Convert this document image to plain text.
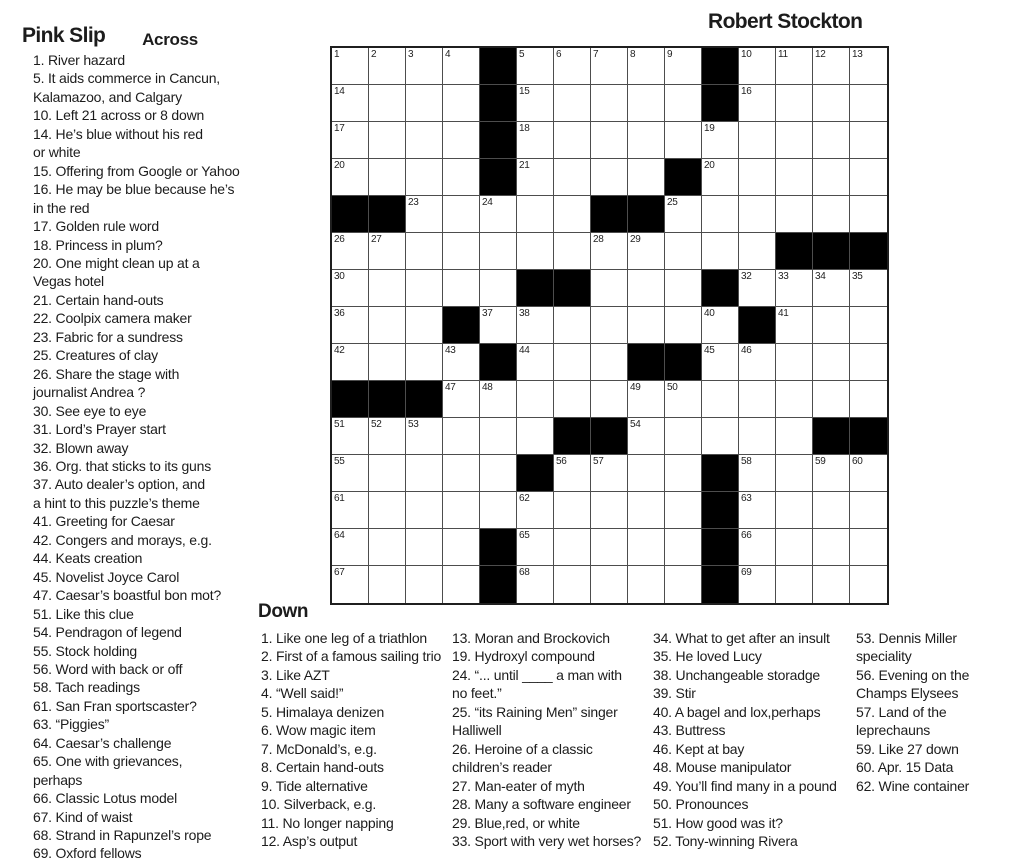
Pink Slip
Robert Stockton
Across
1. River hazard
5. It aids commerce in Cancun,
Kalamazoo, and Calgary
10. Left 21 across or 8 down
14. He’s blue without his red
or white
15. Offering from Google or Yahoo
16. He may be blue because he’s
in the red
17. Golden rule word
18. Princess in plum?
20. One might clean up at a
Vegas hotel
21. Certain hand-outs
22. Coolpix camera maker
23. Fabric for a sundress
25. Creatures of clay
26. Share the stage with
journalist Andrea ?
30. See eye to eye
31. Lord’s Prayer start
32. Blown away
36. Org. that sticks to its guns
37. Auto dealer’s option, and
a hint to this puzzle’s theme
41. Greeting for Caesar
42. Congers and morays, e.g.
44. Keats creation
45. Novelist Joyce Carol
47. Caesar’s boastful bon mot?
51. Like this clue
54. Pendragon of legend
55. Stock holding
56. Word with back or off
58. Tach readings
61. San Fran sportscaster?
63. “Piggies”
64. Caesar’s challenge
65. One with grievances,
perhaps
66. Classic Lotus model
67. Kind of waist
68. Strand in Rapunzel’s rope
69. Oxford fellows
1	2	3	4	5	6	7	8	9	10	11	12	13
14	15	16
17	18	19
20	21	20
23	24	25
26	27	28	29
30	32	33	34	35
36	37	38	40	41
42	43	44	45	46
47	48	49	50
51	52	53	54
55	56	57	58	59	60
61	62	63
64	65	66
67	68	69
Down
1. Like one leg of a triathlon
2. First of a famous sailing trio
3. Like AZT
4. “Well said!”
5. Himalaya denizen
6. Wow magic item
7. McDonald’s, e.g.
8. Certain hand-outs
9. Tide alternative
10. Silverback, e.g.
11. No longer napping
12. Asp’s output
13. Moran and Brockovich
19. Hydroxyl compound
24. “... until ____ a man with
no feet.”
25. “its Raining Men” singer
Halliwell
26. Heroine of a classic
children’s reader
27. Man-eater of myth
28. Many a software engineer
29. Blue,red, or white
33. Sport with very wet horses?
34. What to get after an insult
35. He loved Lucy
38. Unchangeable storadge
39. Stir
40. A bagel and lox,perhaps
43. Buttress
46. Kept at bay
48. Mouse manipulator
49. You’ll find many in a pound
50. Pronounces
51. How good was it?
52. Tony-winning Rivera
53. Dennis Miller
speciality
56. Evening on the
Champs Elysees
57. Land of the
leprechauns
59. Like 27 down
60. Apr. 15 Data
62. Wine container
